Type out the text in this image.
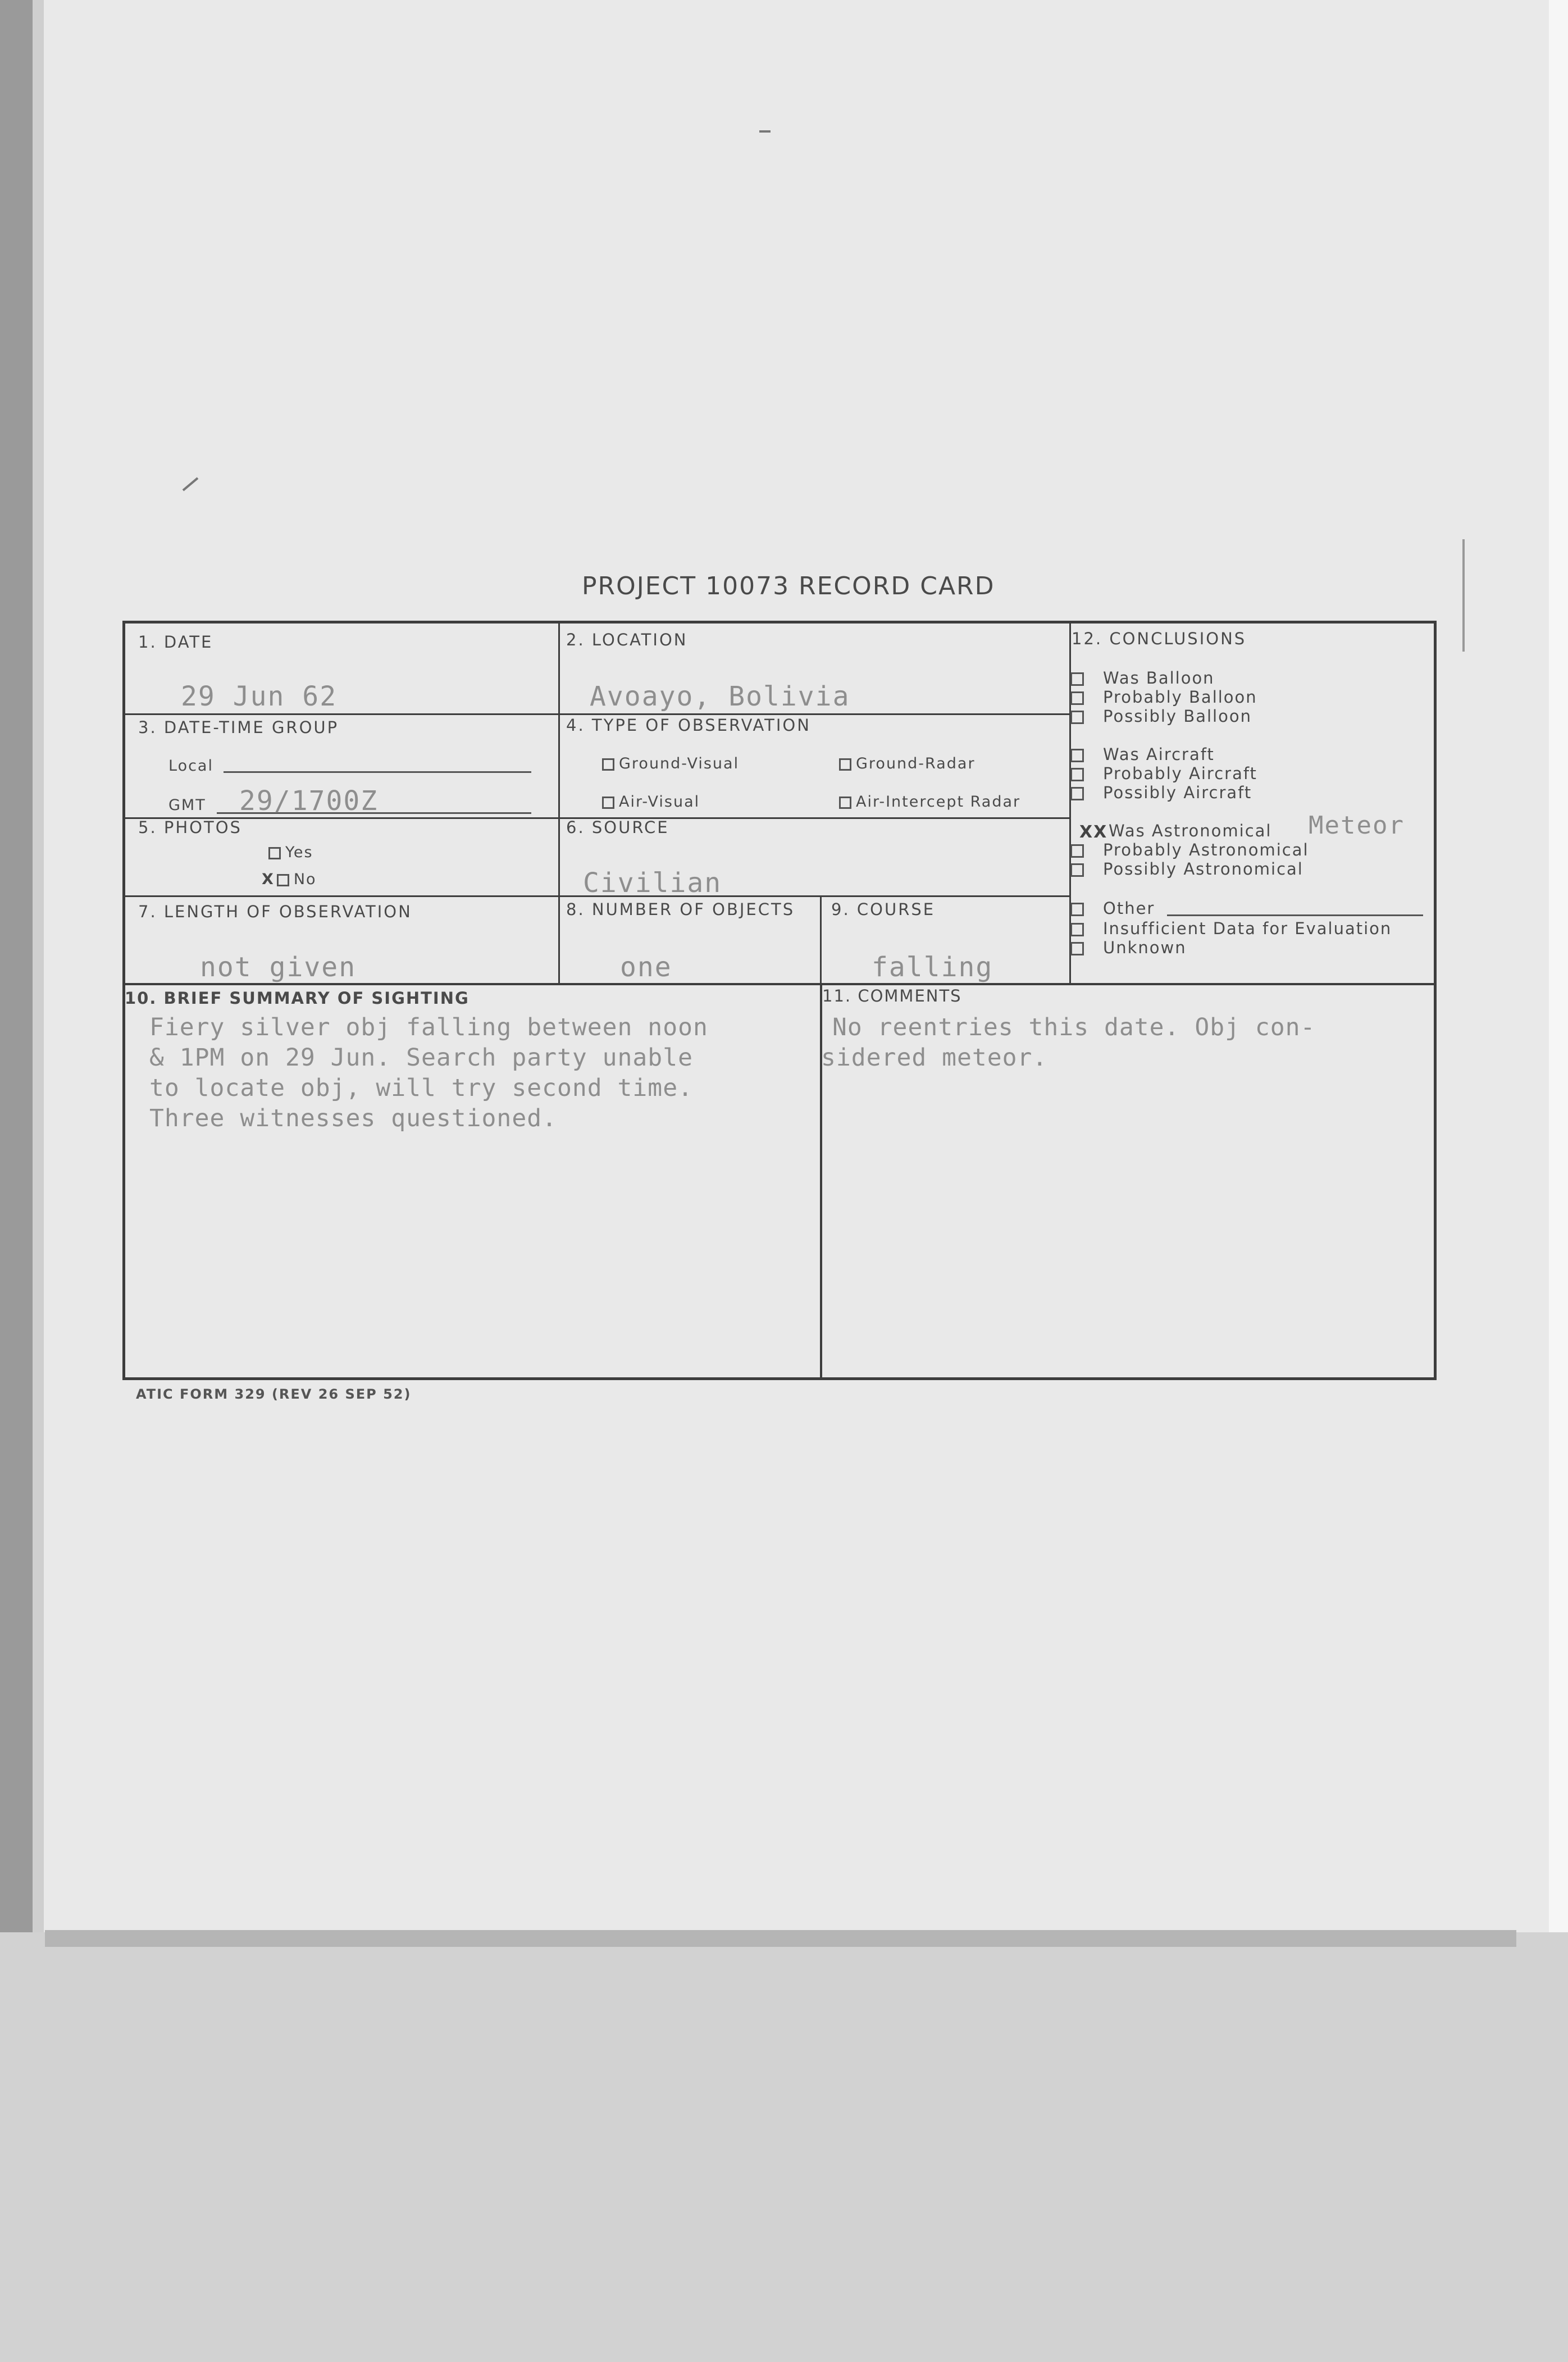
PROJECT 10073 RECORD CARD
1. DATE
29 Jun 62
2. LOCATION
Avoayo, Bolivia
3. DATE-TIME GROUP
Local
GMT 29/1700Z
4. TYPE OF OBSERVATION
Ground-Visual	Ground-Radar
Air-Visual	Air-Intercept Radar
5. PHOTOS
Yes
X No
6. SOURCE
Civilian
7. LENGTH OF OBSERVATION
not given
8. NUMBER OF OBJECTS
one
9. COURSE
falling
10. BRIEF SUMMARY OF SIGHTING
Fiery silver obj falling between noon
& 1PM on 29 Jun. Search party unable
to locate obj, will try second time.
Three witnesses questioned.
11. COMMENTS
No reentries this date. Obj con-
sidered meteor.
12. CONCLUSIONS
Was Balloon
Probably Balloon
Possibly Balloon
Was Aircraft
Probably Aircraft
Possibly Aircraft
XXWas Astronomical Meteor
Probably Astronomical
Possibly Astronomical
Other
Insufficient Data for Evaluation
Unknown
ATIC FORM 329 (REV 26 SEP 52)
